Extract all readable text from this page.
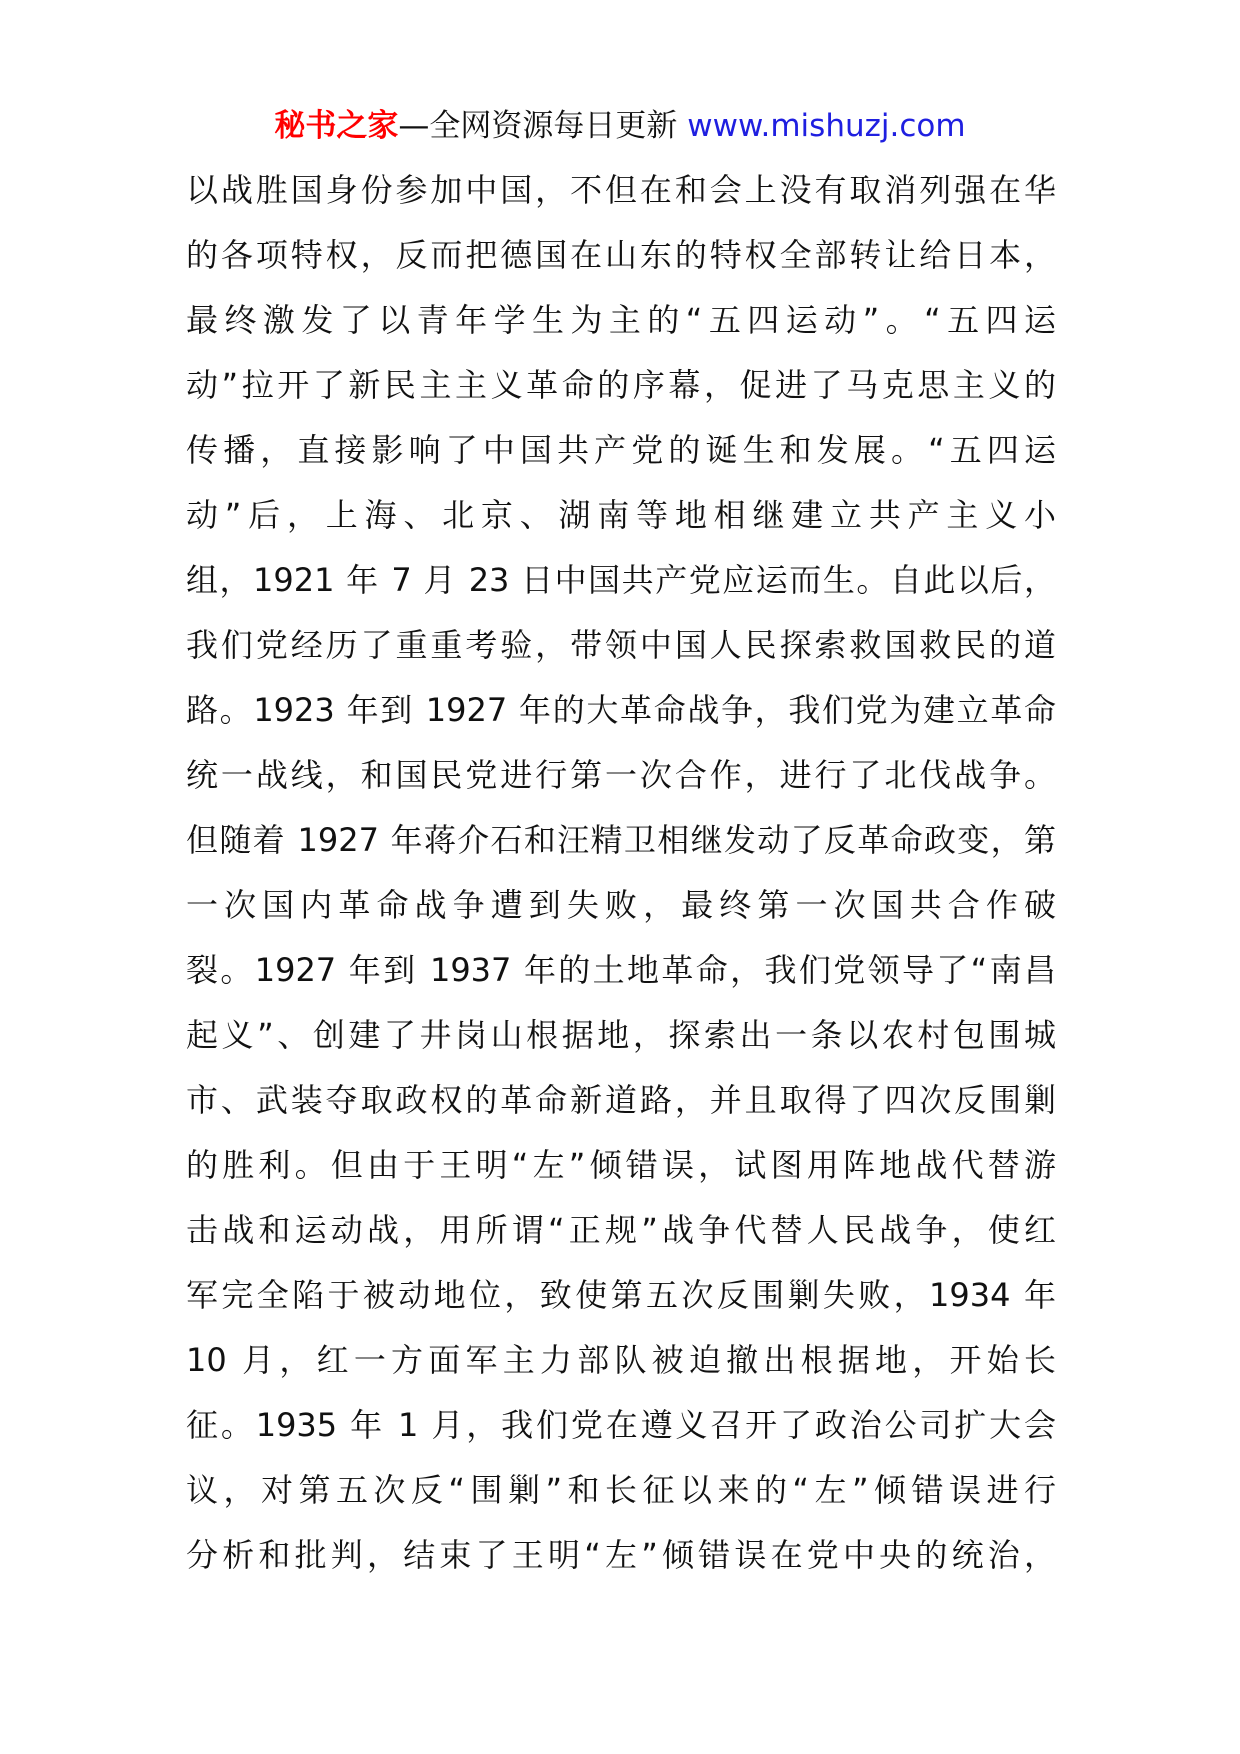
秘书之家—全网资源每日更新 www.mishuzj.com
以战胜国身份参加中国，不但在和会上没有取消列强在华
的各项特权，反而把德国在山东的特权全部转让给日本，
最终激发了以青年学生为主的“五四运动”。“五四运
动”拉开了新民主主义革命的序幕，促进了马克思主义的
传播，直接影响了中国共产党的诞生和发展。“五四运
动”后，上海、北京、湖南等地相继建立共产主义小
组，1921 年 7 月 23 日中国共产党应运而生。自此以后，
我们党经历了重重考验，带领中国人民探索救国救民的道
路。1923 年到 1927 年的大革命战争，我们党为建立革命
统一战线，和国民党进行第一次合作，进行了北伐战争。
但随着 1927 年蒋介石和汪精卫相继发动了反革命政变，第
一次国内革命战争遭到失败，最终第一次国共合作破
裂。1927 年到 1937 年的土地革命，我们党领导了“南昌
起义”、创建了井岗山根据地，探索出一条以农村包围城
市、武装夺取政权的革命新道路，并且取得了四次反围剿
的胜利。但由于王明“左”倾错误，试图用阵地战代替游
击战和运动战，用所谓“正规”战争代替人民战争，使红
军完全陷于被动地位，致使第五次反围剿失败，1934 年
10 月，红一方面军主力部队被迫撤出根据地，开始长
征。1935 年 1 月，我们党在遵义召开了政治公司扩大会
议，对第五次反“围剿”和长征以来的“左”倾错误进行
分析和批判，结束了王明“左”倾错误在党中央的统治，
